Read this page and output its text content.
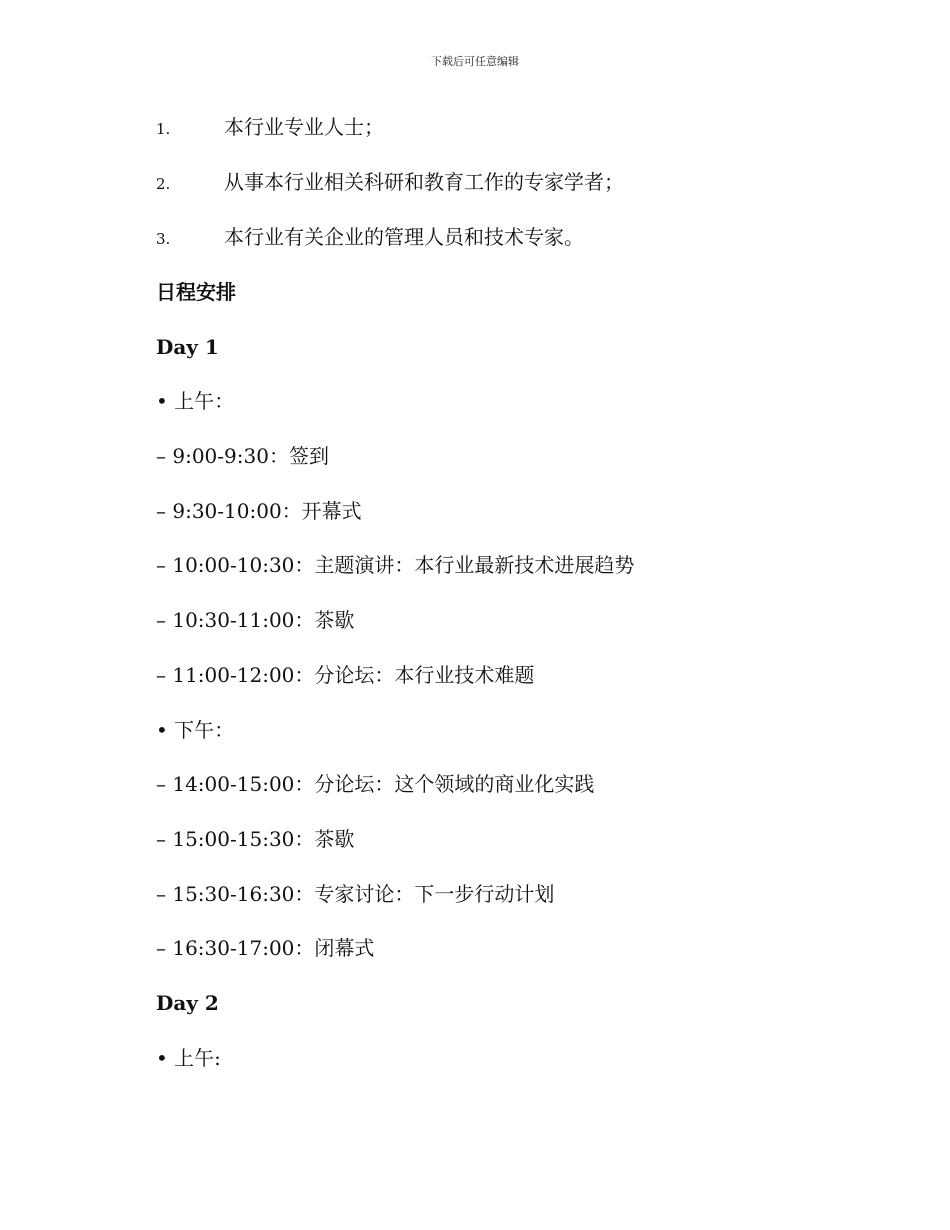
下载后可任意编辑
1.	本行业专业人士；
2.	从事本行业相关科研和教育工作的专家学者；
3.	本行业有关企业的管理人员和技术专家。
日程安排
Day 1
• 上午：
– 9:00-9:30：签到
– 9:30-10:00：开幕式
– 10:00-10:30：主题演讲：本行业最新技术进展趋势
– 10:30-11:00：茶歇
– 11:00-12:00：分论坛：本行业技术难题
• 下午：
– 14:00-15:00：分论坛：这个领域的商业化实践
– 15:00-15:30：茶歇
– 15:30-16:30：专家讨论：下一步行动计划
– 16:30-17:00：闭幕式
Day 2
• 上午:
